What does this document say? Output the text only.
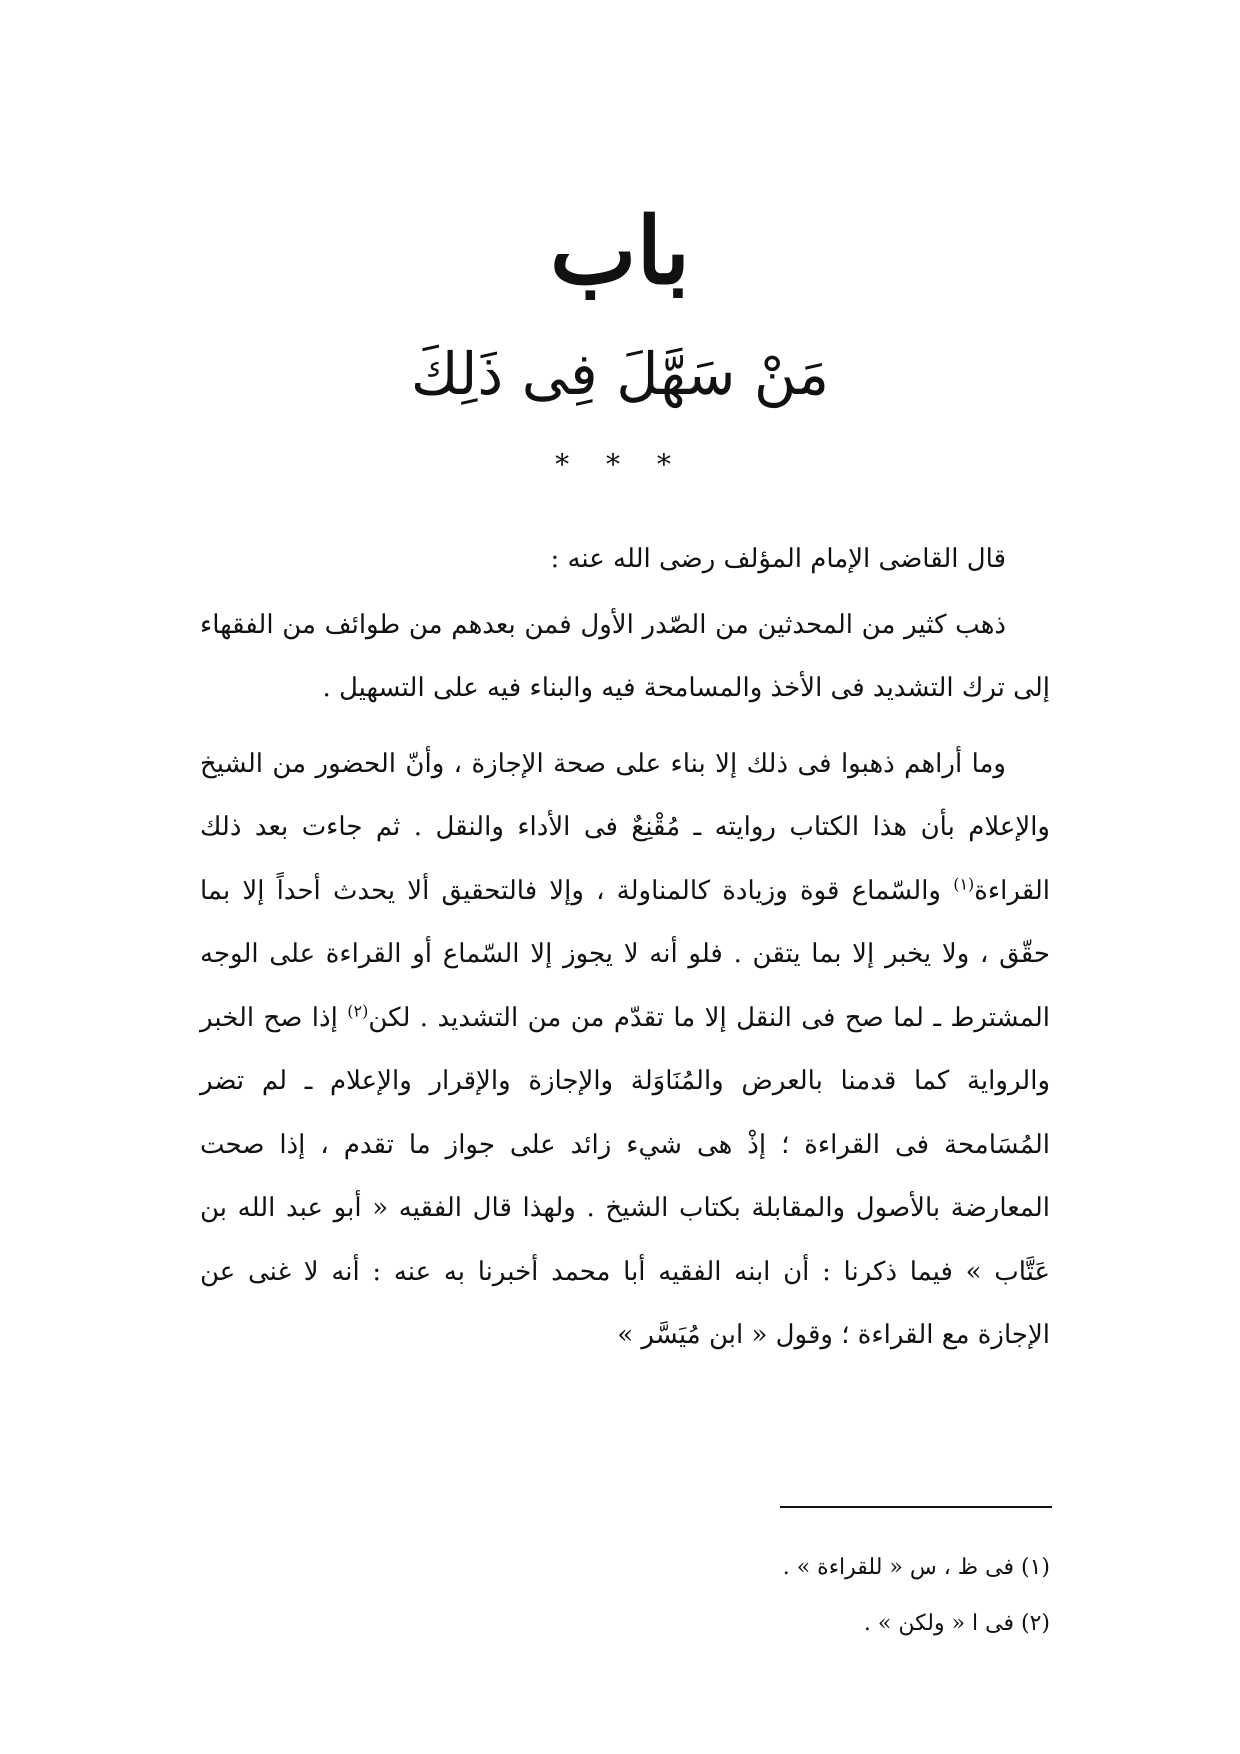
باب
مَنْ سَهَّلَ فِى ذَلِكَ
* * *

قال القاضى الإمام المؤلف رضى الله عنه :

ذهب كثير من المحدثين من الصّدر الأول فمن بعدهم من طوائف من الفقهاء إلى ترك التشديد فى الأخذ والمسامحة فيه والبناء فيه على التسهيل .

وما أراهم ذهبوا فى ذلك إلا بناء على صحة الإجازة ، وأنّ الحضور من الشيخ والإعلام بأن هذا الكتاب روايته ـ مُقْنِعٌ فى الأداء والنقل . ثم جاءت بعد ذلك القراءة$^{(١)}$ والسّماع قوة وزيادة كالمناولة ، وإلا فالتحقيق ألا يحدث أحداً إلا بما حقّق ، ولا يخبر إلا بما يتقن . فلو أنه لا يجوز إلا السّماع أو القراءة على الوجه المشترط ـ لما صح فى النقل إلا ما تقدّم من من التشديد . لكن$^{(٢)}$ إذا صح الخبر والرواية كما قدمنا بالعرض والمُنَاوَلة والإجازة والإقرار والإعلام ـ لم تضر المُسَامحة فى القراءة ؛ إذْ هى شيء زائد على جواز ما تقدم ، إذا صحت المعارضة بالأصول والمقابلة بكتاب الشيخ . ولهذا قال الفقيه « أبو عبد الله بن عَتَّاب » فيما ذكرنا : أن ابنه الفقيه أبا محمد أخبرنا به عنه : أنه لا غنى عن الإجازة مع القراءة ؛ وقول « ابن مُيَسَّر »

(١) فى ظ ، س « للقراءة » .
(٢) فى ا « ولكن » .
